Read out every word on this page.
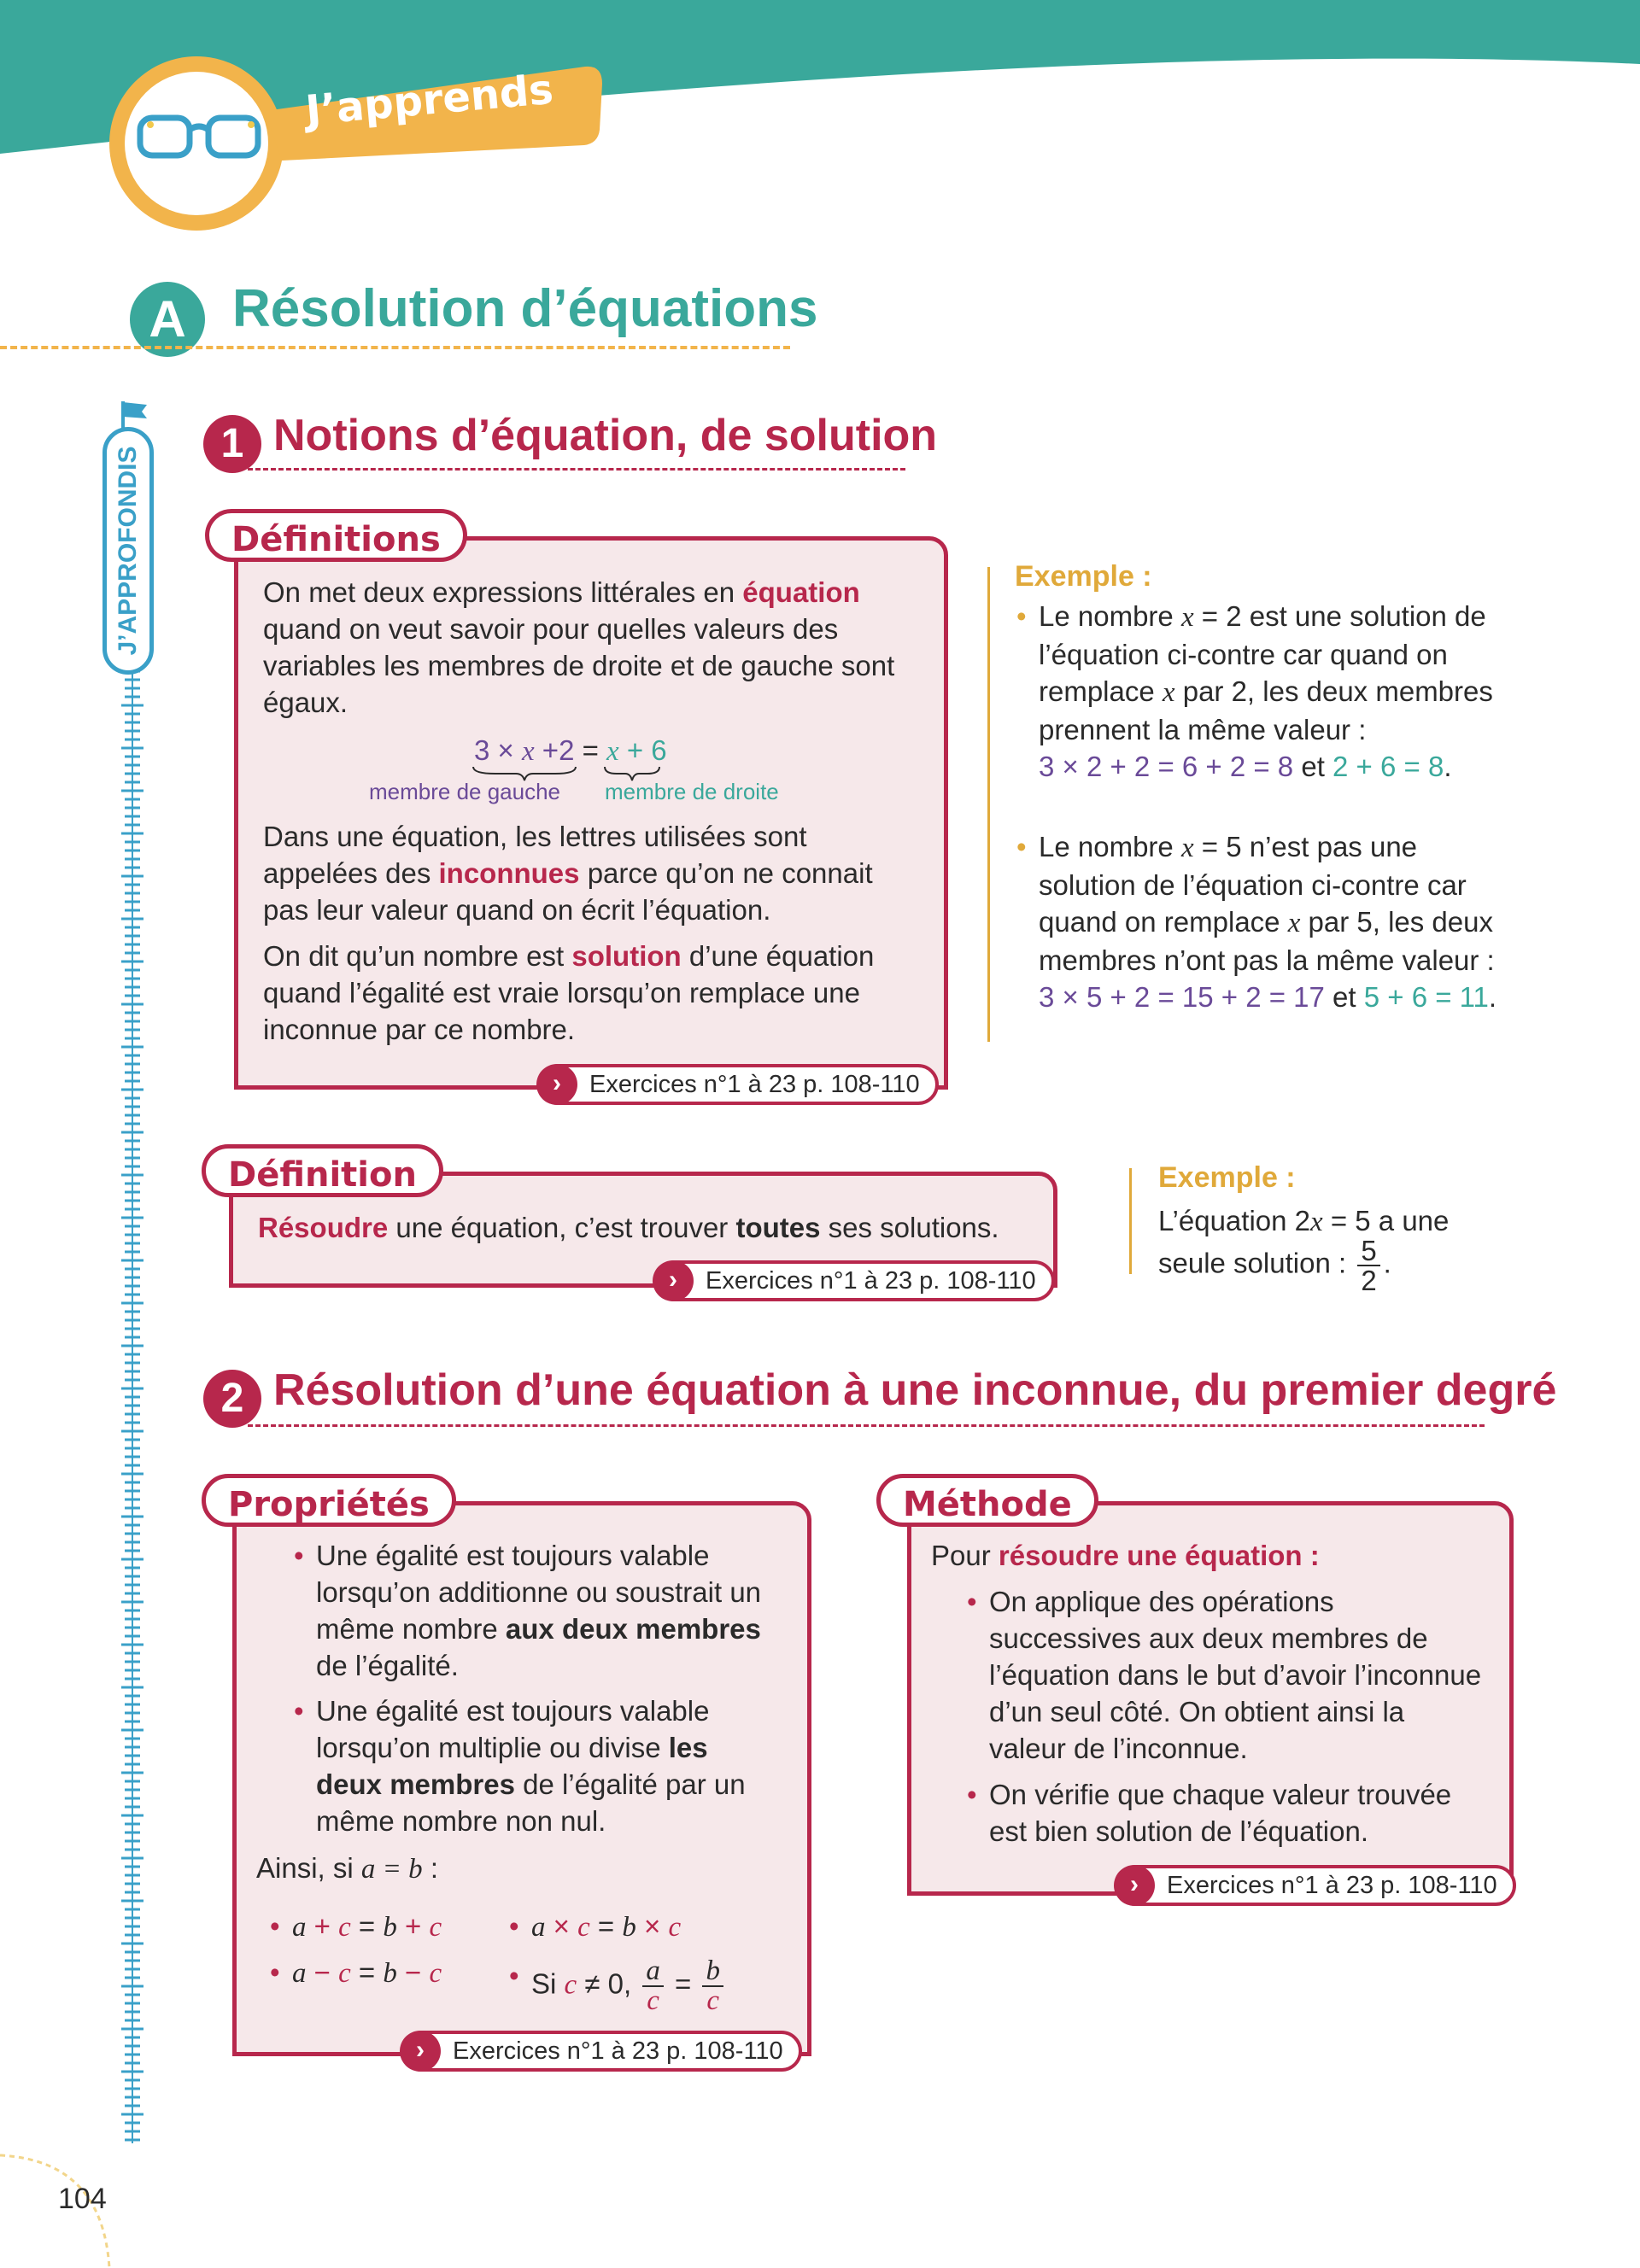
J’apprends
A Résolution d’équations
J’APPROFONDIS
1 Notions d’équation, de solution
Définitions
On met deux expressions littérales en équation
quand on veut savoir pour quelles valeurs des variables les membres de droite et de gauche sont égaux.
3 × x +2 = x + 6
membre de gauche membre de droite
Dans une équation, les lettres utilisées sont appelées des inconnues parce qu’on ne connait pas leur valeur quand on écrit l’équation.
On dit qu’un nombre est solution d’une équation quand l’égalité est vraie lorsqu’on remplace une inconnue par ce nombre.
›	Exercices n°1 à 23 p. 108-110
Exemple :
• Le nombre x = 2 est une solution de l’équation ci-contre car quand on remplace x par 2, les deux membres prennent la même valeur :
3 × 2 + 2 = 6 + 2 = 8 et 2 + 6 = 8.
• Le nombre x = 5 n’est pas une solution de l’équation ci-contre car quand on remplace x par 5, les deux membres n’ont pas la même valeur :
3 × 5 + 2 = 15 + 2 = 17 et 5 + 6 = 11.
Définition
Résoudre une équation, c’est trouver toutes ses solutions.
›	Exercices n°1 à 23 p. 108-110
Exemple :
L’équation 2x = 5 a une
seule solution : $\frac{5}{2}$ .
2 Résolution d’une équation à une inconnue, du premier degré
Propriétés
• Une égalité est toujours valable lorsqu’on additionne ou soustrait un même nombre aux deux membres de l’égalité.
• Une égalité est toujours valable lorsqu’on multiplie ou divise les deux membres de l’égalité par un même nombre non nul.
Ainsi, si a = b :
• a + c = b + c
• a − c = b − c
• a × c = b × c
• Si c ≠ 0, $\frac{a}{c} = \frac{b}{c}$
›	Exercices n°1 à 23 p. 108-110
Méthode
Pour résoudre une équation :
• On applique des opérations successives aux deux membres de l’équation dans le but d’avoir l’inconnue d’un seul côté. On obtient ainsi la valeur de l’inconnue.
• On vérifie que chaque valeur trouvée est bien solution de l’équation.
›	Exercices n°1 à 23 p. 108-110
104
